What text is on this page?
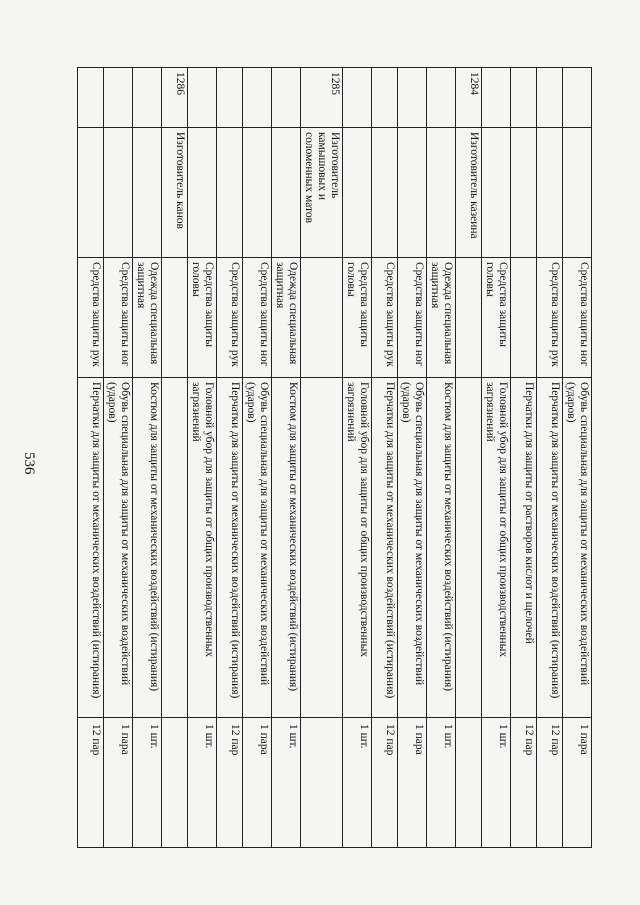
536
		Средства защиты ног	Обувь специальная для защиты от механических воздействий (ударов)	1 пара
		Средства защиты рук	Перчатки для защиты от механических воздействий (истирания)	12 пар
			Перчатки для защиты от растворов кислот и щелочей	12 пар
		Средства защиты головы	Головной убор для защиты от общих производственных загрязнений	1 шт.
1284	Изготовитель казеина			
		Одежда специальная защитная	Костюм для защиты от механических воздействий (истирания)	1 шт.
		Средства защиты ног	Обувь специальная для защиты от механических воздействий (ударов)	1 пара
		Средства защиты рук	Перчатки для защиты от механических воздействий (истирания)	12 пар
		Средства защиты головы	Головной убор для защиты от общих производственных загрязнений	1 шт.
1285	Изготовитель камышовых и соломенных матов			
		Одежда специальная защитная	Костюм для защиты от механических воздействий (истирания)	1 шт.
		Средства защиты ног	Обувь специальная для защиты от механических воздействий (ударов)	1 пара
		Средства защиты рук	Перчатки для защиты от механических воздействий (истирания)	12 пар
		Средства защиты головы	Головной убор для защиты от общих производственных загрязнений	1 шт.
1286	Изготовитель канов			
		Одежда специальная защитная	Костюм для защиты от механических воздействий (истирания)	1 шт.
		Средства защиты ног	Обувь специальная для защиты от механических воздействий (ударов)	1 пара
		Средства защиты рук	Перчатки для защиты от механических воздействий (истирания)	12 пар
